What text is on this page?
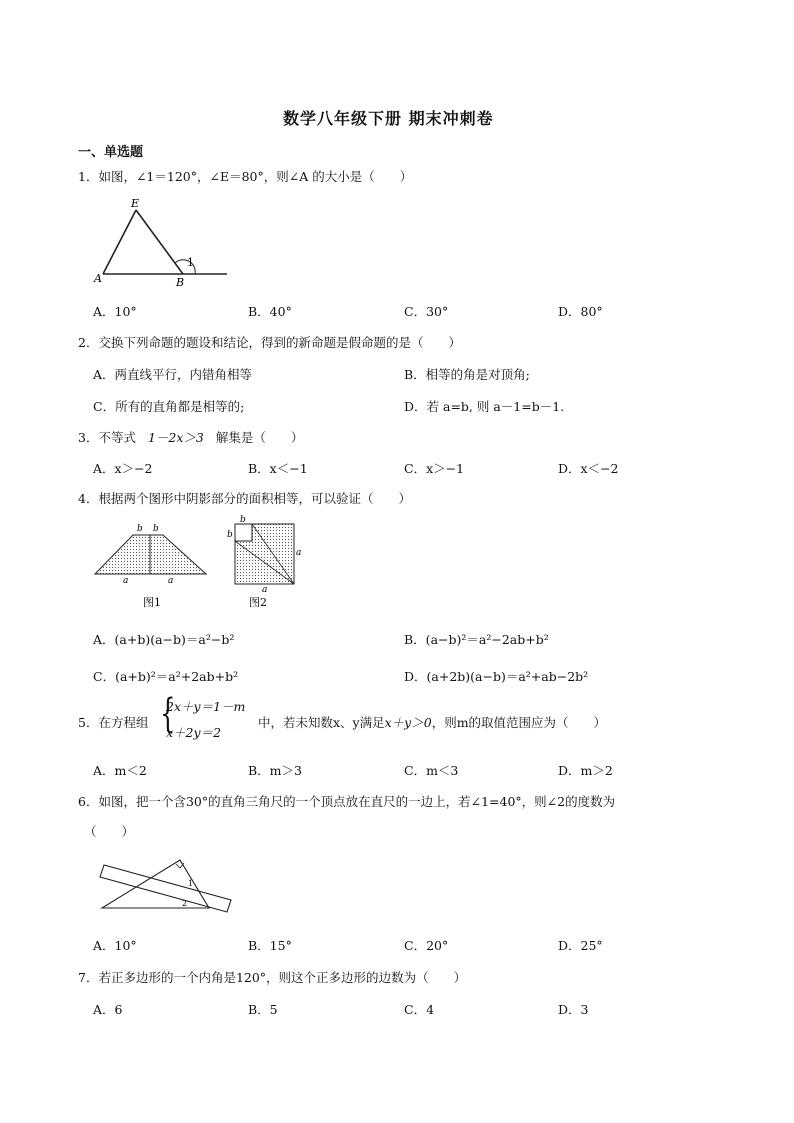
数学八年级下册 期末冲刺卷
一、单选题
1．如图，∠1＝120°，∠E＝80°，则∠A 的大小是（　　）
E
A	B
1
A．10°	B．40°	C．30°	D．80°
2．交换下列命题的题设和结论，得到的新命题是假命题的是（　　）
A．两直线平行，内错角相等	B．相等的角是对顶角;
C．所有的直角都是相等的;	D．若 a=b, 则 a－1=b－1.
3．不等式 1－2x＞3 解集是（　　）
A．x＞−2	B．x＜−1	C．x＞−1	D．x＜−2
4．根据两个图形中阴影部分的面积相等，可以验证（　　）
b b
a	a
图1
b
b
a
a
图2
A．(a+b)(a−b)＝a²−b²	B．(a−b)²＝a²−2ab+b²
C．(a+b)²＝a²+2ab+b²	D．(a+2b)(a−b)＝a²+ab−2b²
5．在方程组 {
2x＋y＝1－m
x＋2y＝2
中，若未知数x、y满足x＋y＞0，则m的取值范围应为（　　）
A．m＜2	B．m＞3	C．m＜3	D．m＞2
6．如图，把一个含30°的直角三角尺的一个顶点放在直尺的一边上，若∠1=40°，则∠2的度数为
（　　）
1
2
A．10°	B．15°	C．20°	D．25°
7．若正多边形的一个内角是120°，则这个正多边形的边数为（　　）
A．6	B．5	C．4	D．3
